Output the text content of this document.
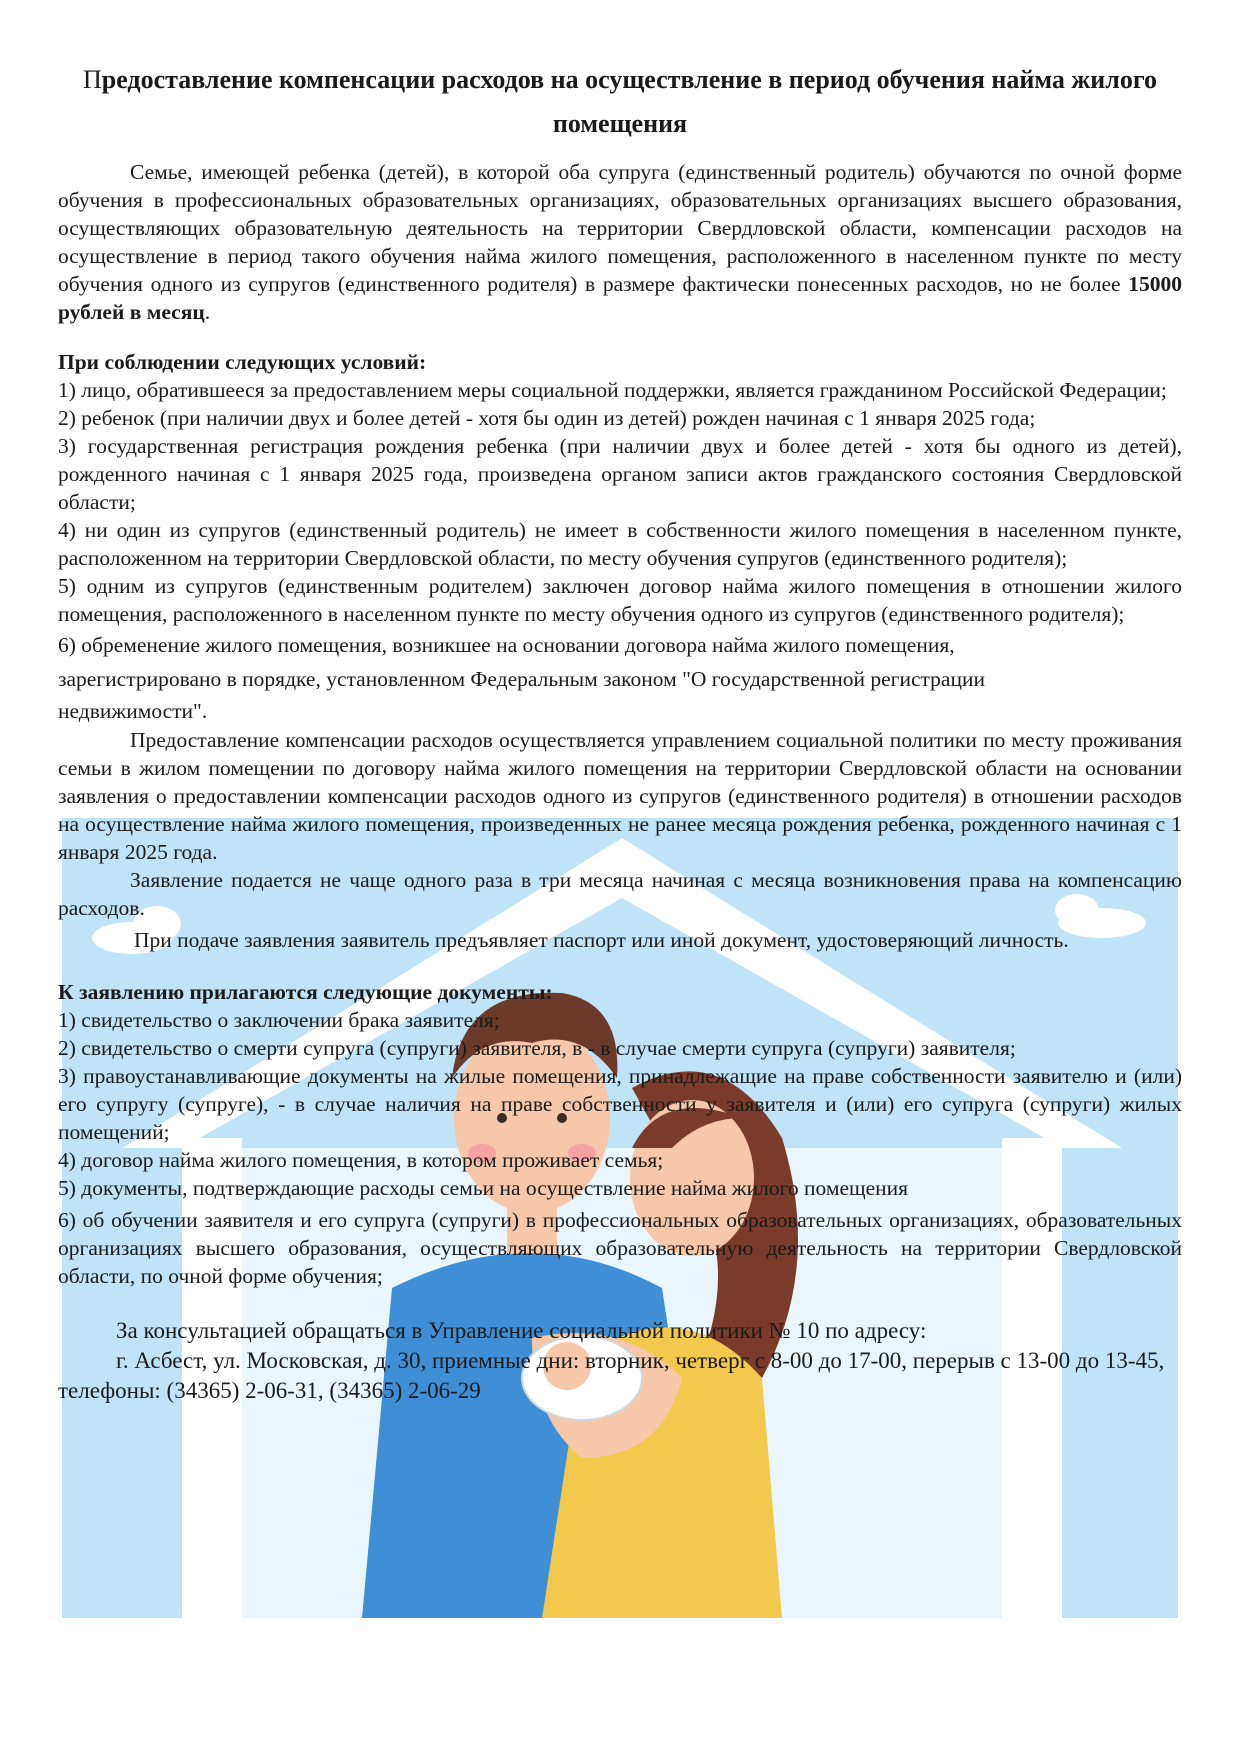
Предоставление компенсации расходов на осуществление в период обучения найма жилого помещения

Семье, имеющей ребенка (детей), в которой оба супруга (единственный родитель) обучаются по очной форме обучения в профессиональных образовательных организациях, образовательных организациях высшего образования, осуществляющих образовательную деятельность на территории Свердловской области, компенсации расходов на осуществление в период такого обучения найма жилого помещения, расположенного в населенном пункте по месту обучения одного из супругов (единственного родителя) в размере фактически понесенных расходов, но не более 15000 рублей в месяц.

При соблюдении следующих условий:

1) лицо, обратившееся за предоставлением меры социальной поддержки, является гражданином Российской Федерации;

2) ребенок (при наличии двух и более детей - хотя бы один из детей) рожден начиная с 1 января 2025 года;

3) государственная регистрация рождения ребенка (при наличии двух и более детей - хотя бы одного из детей), рожденного начиная с 1 января 2025 года, произведена органом записи актов гражданского состояния Свердловской области;

4) ни один из супругов (единственный родитель) не имеет в собственности жилого помещения в населенном пункте, расположенном на территории Свердловской области, по месту обучения супругов (единственного родителя);

5) одним из супругов (единственным родителем) заключен договор найма жилого помещения в отношении жилого помещения, расположенного в населенном пункте по месту обучения одного из супругов (единственного родителя);

6) обременение жилого помещения, возникшее на основании договора найма жилого помещения,

зарегистрировано в порядке, установленном Федеральным законом "О государственной регистрации

недвижимости".

Предоставление компенсации расходов осуществляется управлением социальной политики по месту проживания семьи в жилом помещении по договору найма жилого помещения на территории Свердловской области на основании заявления о предоставлении компенсации расходов одного из супругов (единственного родителя) в отношении расходов на осуществление найма жилого помещения, произведенных не ранее месяца рождения ребенка, рожденного начиная с 1 января 2025 года.

Заявление подается не чаще одного раза в три месяца начиная с месяца возникновения права на компенсацию расходов.

При подаче заявления заявитель предъявляет паспорт или иной документ, удостоверяющий личность.

К заявлению прилагаются следующие документы:

1) свидетельство о заключении брака заявителя;

2) свидетельство о смерти супруга (супруги) заявителя, в - в случае смерти супруга (супруги) заявителя;

3) правоустанавливающие документы на жилые помещения, принадлежащие на праве собственности заявителю и (или) его супругу (супруге), - в случае наличия на праве собственности у заявителя и (или) его супруга (супруги) жилых помещений;

4) договор найма жилого помещения, в котором проживает семья;

5) документы, подтверждающие расходы семьи на осуществление найма жилого помещения

6) об обучении заявителя и его супруга (супруги) в профессиональных образовательных организациях, образовательных организациях высшего образования, осуществляющих образовательную деятельность на территории Свердловской области, по очной форме обучения;

За консультацией обращаться в Управление социальной политики № 10 по адресу:

г. Асбест, ул. Московская, д. 30, приемные дни: вторник, четверг с 8-00 до 17-00, перерыв с 13-00 до 13-45, телефоны: (34365) 2-06-31, (34365) 2-06-29
